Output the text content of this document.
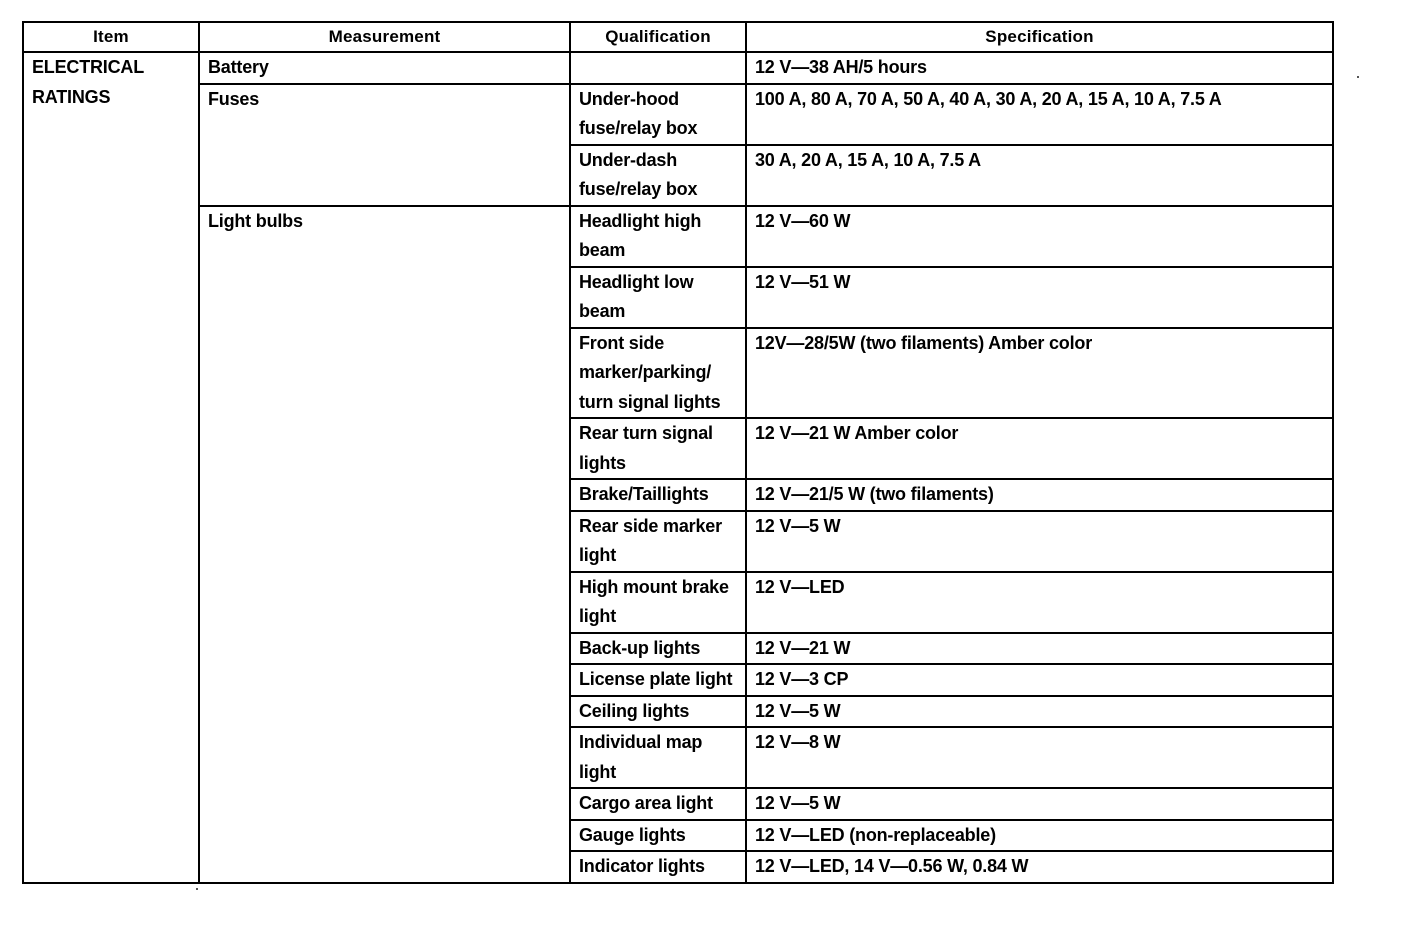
Item	Measurement	Qualification	Specification

ELECTRICAL
RATINGS	Battery		12 V—38 AH/5 hours
	Fuses	Under-hood fuse/relay box	100 A, 80 A, 70 A, 50 A, 40 A, 30 A, 20 A, 15 A, 10 A, 7.5 A
		Under-dash fuse/relay box	30 A, 20 A, 15 A, 10 A, 7.5 A
	Light bulbs	Headlight high beam	12 V—60 W
		Headlight low beam	12 V—51 W
		Front side marker/parking/ turn signal lights	12V—28/5W (two filaments) Amber color
		Rear turn signal lights	12 V—21 W Amber color
		Brake/Taillights	12 V—21/5 W (two filaments)
		Rear side marker light	12 V—5 W
		High mount brake light	12 V—LED
		Back-up lights	12 V—21 W
		License plate light	12 V—3 CP
		Ceiling lights	12 V—5 W
		Individual map light	12 V—8 W
		Cargo area light	12 V—5 W
		Gauge lights	12 V—LED (non-replaceable)
		Indicator lights	12 V—LED, 14 V—0.56 W, 0.84 W
